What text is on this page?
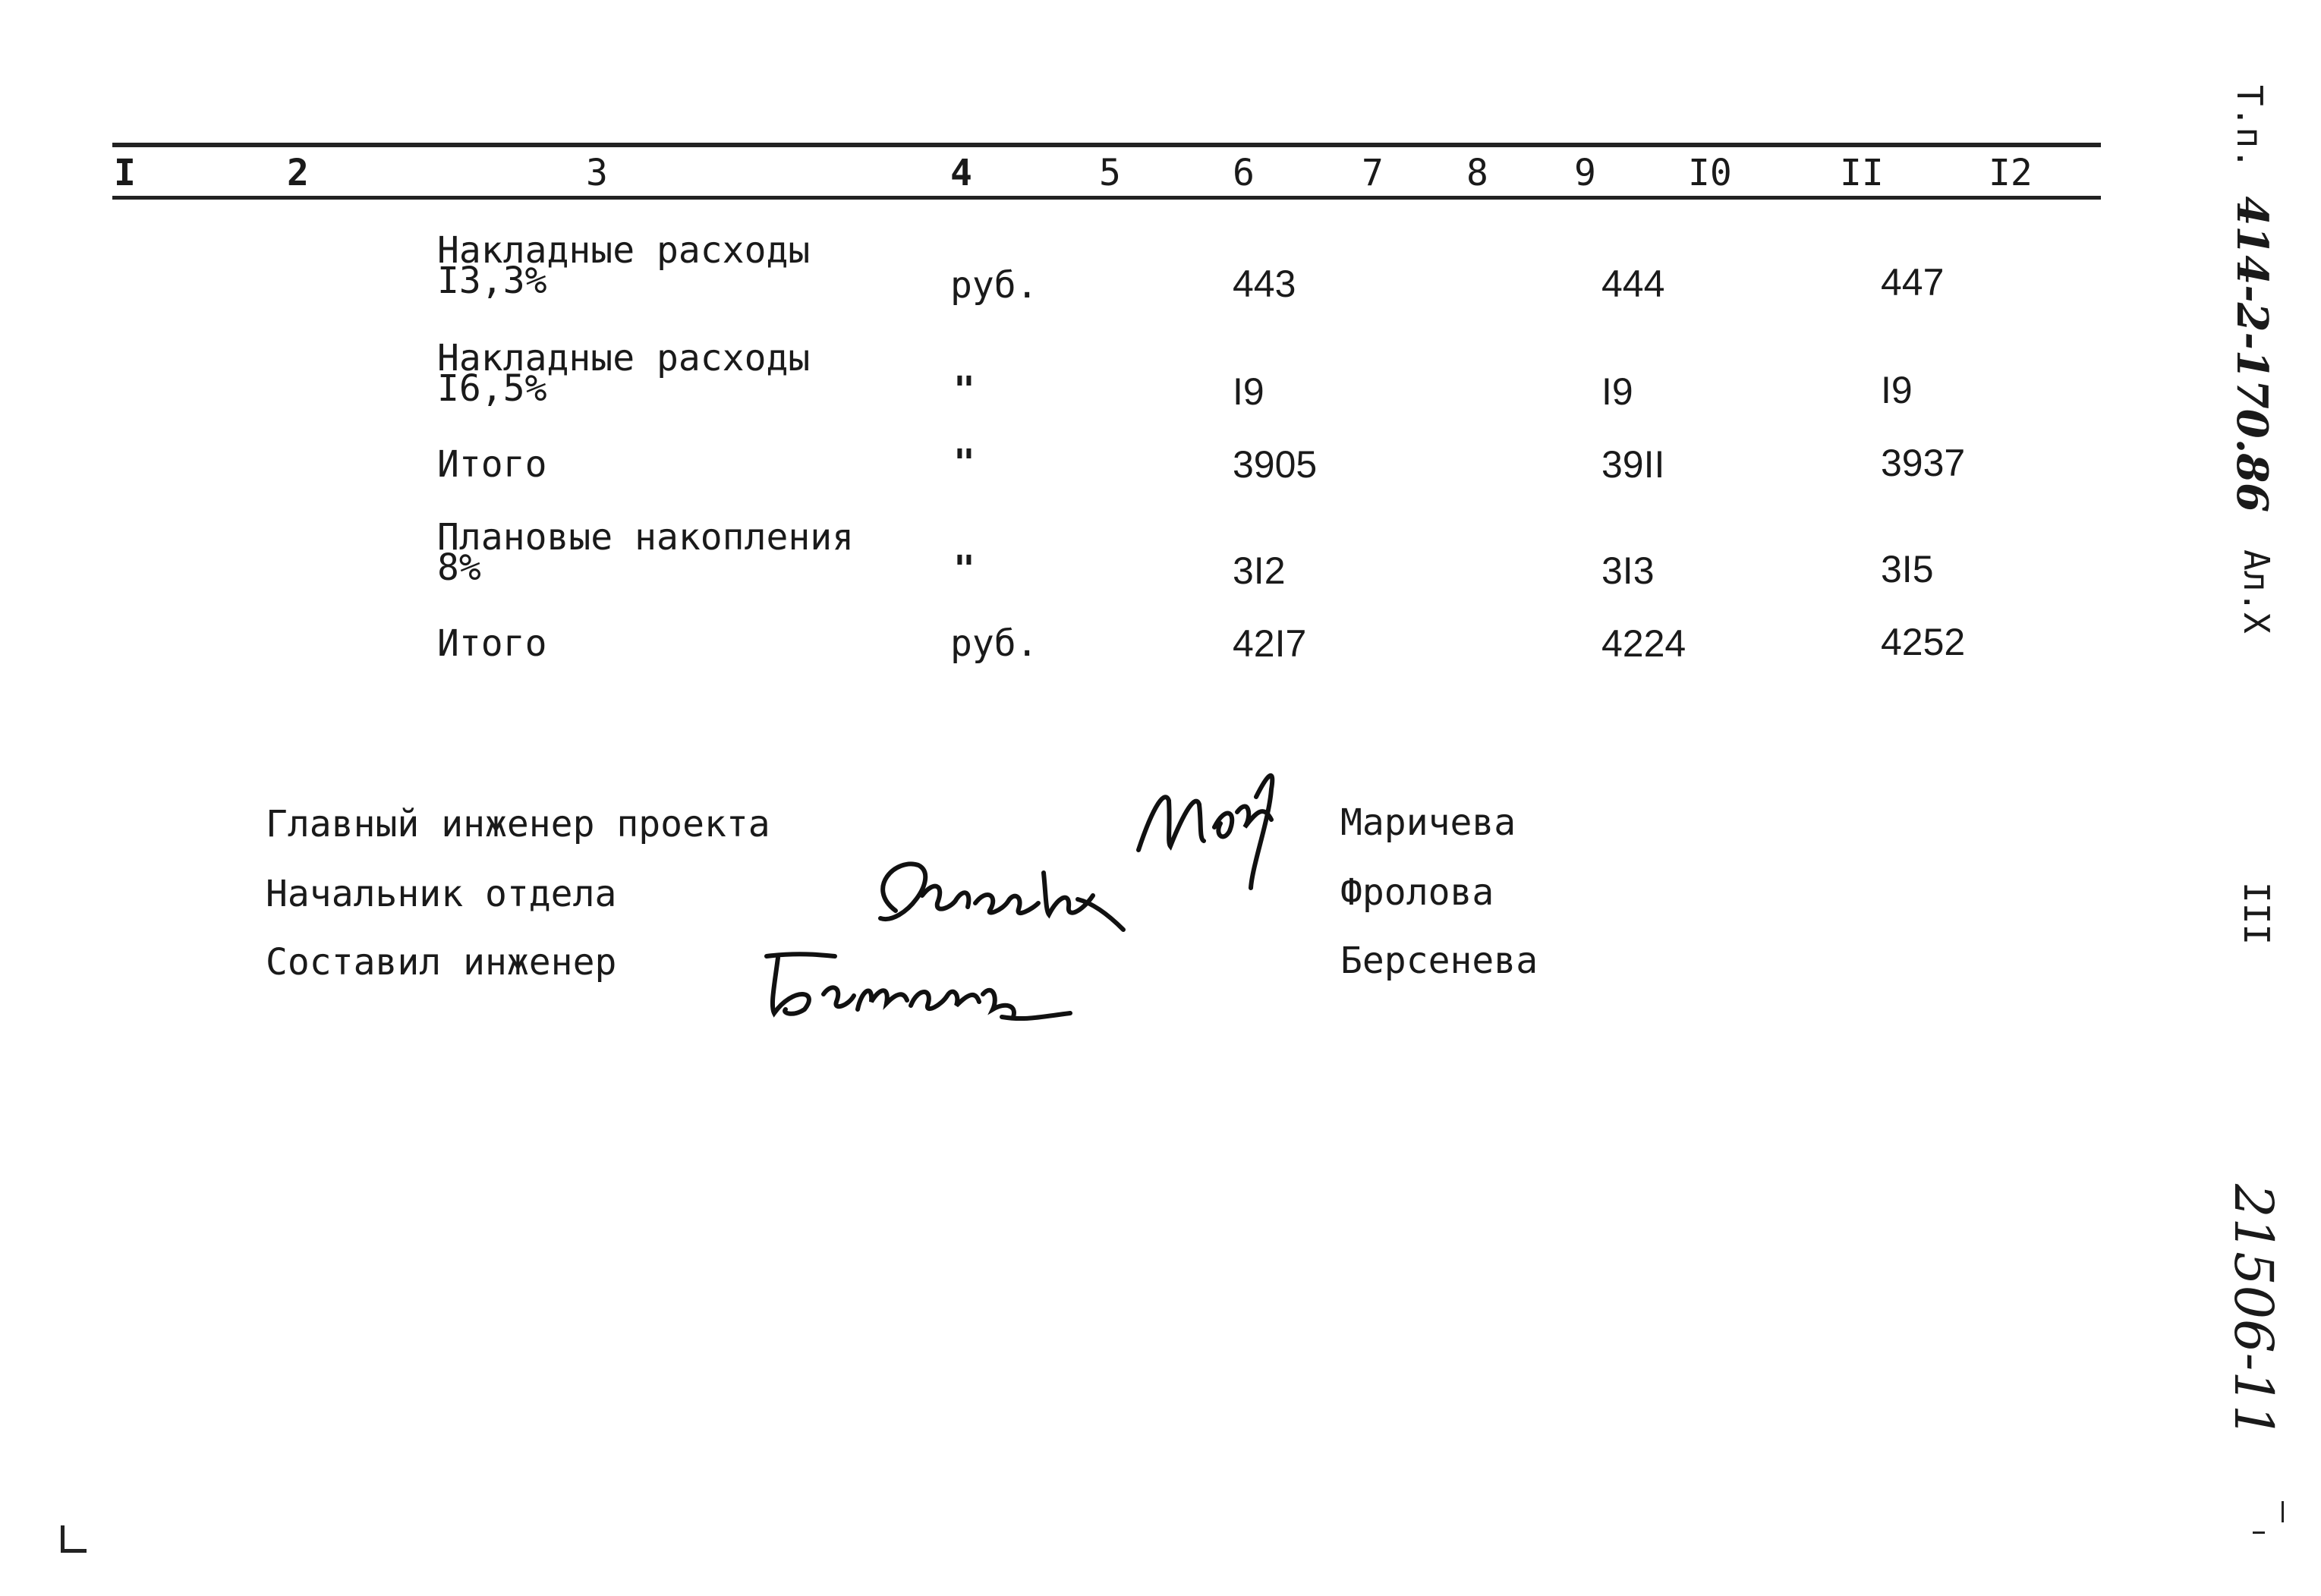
I	2	3	4	5	6	7 8 9	I0	II	I2
Накладные расходы
I3,3%	руб.	443	444	447
Накладные расходы
I6,5%	"	I9	I9	I9
Итого	"	3905	39II	3937
Плановые накопления
8%	"	3I2	3I3	3I5
Итого	руб.	42I7	4224	4252
Главный инженер проекта
Начальник отдела
Составил инженер
Маричева
Фролова
Берсенева
Т.п. 414-2-170.86
Ал.Х
III
21506-11
